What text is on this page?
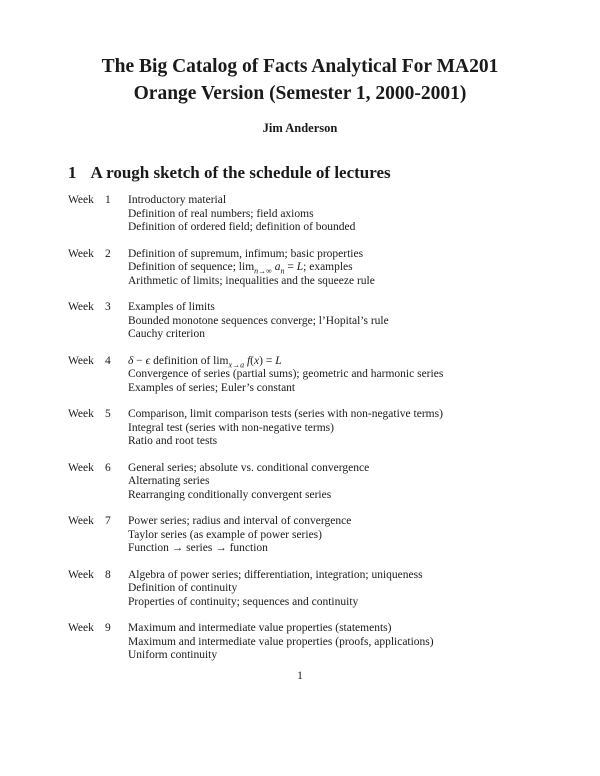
The Big Catalog of Facts Analytical For MA201
Orange Version (Semester 1, 2000-2001)
Jim Anderson
1 A rough sketch of the schedule of lectures
Week 1	Introductory material
Definition of real numbers; field axioms
Definition of ordered field; definition of bounded
Week 2	Definition of supremum, infimum; basic properties
Definition of sequence; $\lim_{n\to\infty} a_n = L$; examples
Arithmetic of limits; inequalities and the squeeze rule
Week 3	Examples of limits
Bounded monotone sequences converge; l’Hopital’s rule
Cauchy criterion
Week 4	δ − ϵ definition of $\lim_{x\to a} f(x) = L$
Convergence of series (partial sums); geometric and harmonic series
Examples of series; Euler’s constant
Week 5	Comparison, limit comparison tests (series with non-negative terms)
Integral test (series with non-negative terms)
Ratio and root tests
Week 6	General series; absolute vs. conditional convergence
Alternating series
Rearranging conditionally convergent series
Week 7	Power series; radius and interval of convergence
Taylor series (as example of power series)
Function → series → function
Week 8	Algebra of power series; differentiation, integration; uniqueness
Definition of continuity
Properties of continuity; sequences and continuity
Week 9	Maximum and intermediate value properties (statements)
Maximum and intermediate value properties (proofs, applications)
Uniform continuity
1
